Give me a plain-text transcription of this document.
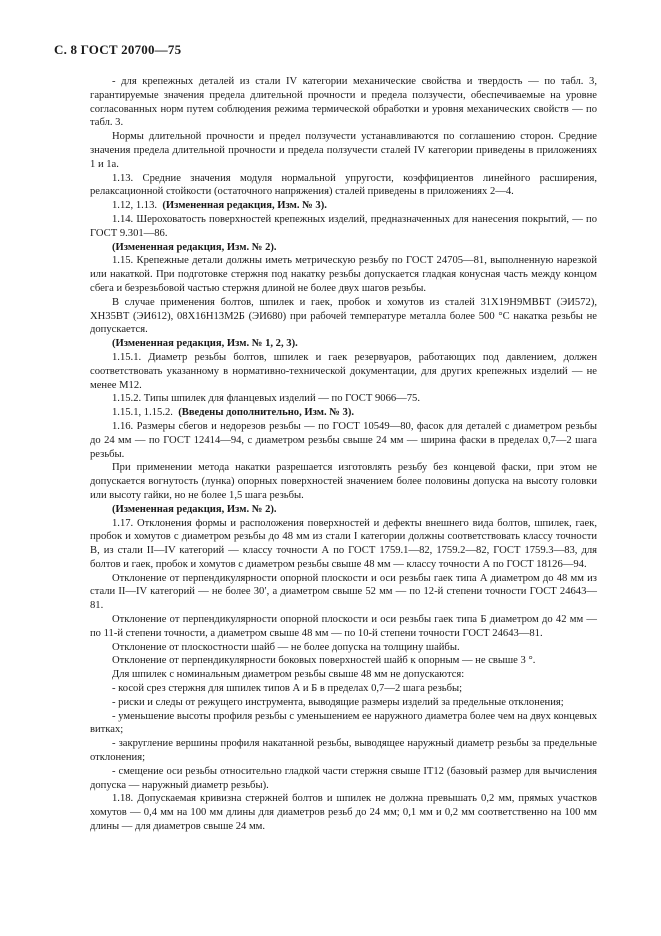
С. 8 ГОСТ 20700—75

- для крепежных деталей из стали IV категории механические свойства и твердость — по табл. 3, гарантируемые значения предела длительной прочности и предела ползучести, обеспечиваемые на уровне согласованных норм путем соблюдения режима термической обработки и уровня механических свойств — по табл. 3.

Нормы длительной прочности и предел ползучести устанавливаются по соглашению сторон. Средние значения предела длительной прочности и предела ползучести сталей IV категории приведены в приложениях 1 и 1а.

1.13. Средние значения модуля нормальной упругости, коэффициентов линейного расширения, релаксационной стойкости (остаточного напряжения) сталей приведены в приложениях 2—4.

1.12, 1.13. (Измененная редакция, Изм. № 3).

1.14. Шероховатость поверхностей крепежных изделий, предназначенных для нанесения покрытий, — по ГОСТ 9.301—86.

(Измененная редакция, Изм. № 2).

1.15. Крепежные детали должны иметь метрическую резьбу по ГОСТ 24705—81, выполненную нарезкой или накаткой. При подготовке стержня под накатку резьбы допускается гладкая конусная часть между концом сбега и безрезьбовой частью стержня длиной не более двух шагов резьбы.

В случае применения болтов, шпилек и гаек, пробок и хомутов из сталей 31Х19Н9МВБТ (ЭИ572), ХН35ВТ (ЭИ612), 08Х16Н13М2Б (ЭИ680) при рабочей температуре металла более 500 °С накатка резьбы не допускается.

(Измененная редакция, Изм. № 1, 2, 3).

1.15.1. Диаметр резьбы болтов, шпилек и гаек резервуаров, работающих под давлением, должен соответствовать указанному в нормативно-технической документации, для других крепежных изделий — не менее М12.

1.15.2. Типы шпилек для фланцевых изделий — по ГОСТ 9066—75.

1.15.1, 1.15.2. (Введены дополнительно, Изм. № 3).

1.16. Размеры сбегов и недорезов резьбы — по ГОСТ 10549—80, фасок для деталей с диаметром резьбы до 24 мм — по ГОСТ 12414—94, с диаметром резьбы свыше 24 мм — ширина фаски в пределах 0,7—2 шага резьбы.

При применении метода накатки разрешается изготовлять резьбу без концевой фаски, при этом не допускается вогнутость (лунка) опорных поверхностей значением более половины допуска на высоту головки или высоту гайки, но не более 1,5 шага резьбы.

(Измененная редакция, Изм. № 2).

1.17. Отклонения формы и расположения поверхностей и дефекты внешнего вида болтов, шпилек, гаек, пробок и хомутов с диаметром резьбы до 48 мм из стали I категории должны соответствовать классу точности В, из стали II—IV категорий — классу точности А по ГОСТ 1759.1—82, 1759.2—82, ГОСТ 1759.3—83, для болтов и гаек, пробок и хомутов с диаметром резьбы свыше 48 мм — классу точности А по ГОСТ 18126—94.

Отклонение от перпендикулярности опорной плоскости и оси резьбы гаек типа А диаметром до 48 мм из стали II—IV категорий — не более 30′, а диаметром свыше 52 мм — по 12-й степени точности ГОСТ 24643—81.

Отклонение от перпендикулярности опорной плоскости и оси резьбы гаек типа Б диаметром до 42 мм — по 11-й степени точности, а диаметром свыше 48 мм — по 10-й степени точности ГОСТ 24643—81.

Отклонение от плоскостности шайб — не более допуска на толщину шайбы.

Отклонение от перпендикулярности боковых поверхностей шайб к опорным — не свыше 3 °.

Для шпилек с номинальным диаметром резьбы свыше 48 мм не допускаются:

- косой срез стержня для шпилек типов А и Б в пределах 0,7—2 шага резьбы;

- риски и следы от режущего инструмента, выводящие размеры изделий за предельные отклонения;

- уменьшение высоты профиля резьбы с уменьшением ее наружного диаметра более чем на двух концевых витках;

- закругление вершины профиля накатанной резьбы, выводящее наружный диаметр резьбы за предельные отклонения;

- смещение оси резьбы относительно гладкой части стержня свыше IT12 (базовый размер для вычисления допуска — наружный диаметр резьбы).

1.18. Допускаемая кривизна стержней болтов и шпилек не должна превышать 0,2 мм, прямых участков хомутов — 0,4 мм на 100 мм длины для диаметров резьб до 24 мм; 0,1 мм и 0,2 мм соответственно на 100 мм длины — для диаметров свыше 24 мм.
